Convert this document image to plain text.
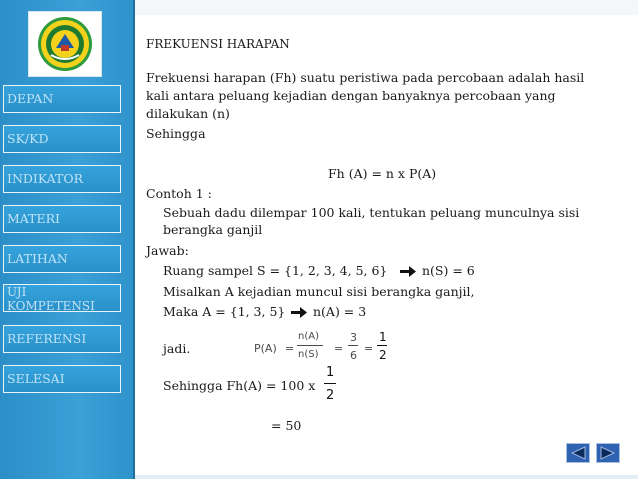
DEPAN
SK/KD
INDIKATOR
MATERI
LATIHAN
UJI
KOMPETENSI
REFERENSI
SELESAI
FREKUENSI HARAPAN
Frekuensi harapan (Fh) suatu peristiwa pada percobaan adalah hasil
kali antara peluang kejadian dengan banyaknya percobaan yang
dilakukan (n)
Sehingga
Fh (A) = n x P(A)
Contoh 1 :
Sebuah dadu dilempar 100 kali, tentukan peluang munculnya sisi
berangka ganjil
Jawab:
Ruang sampel S = {1, 2, 3, 4, 5, 6}	n(S) = 6
Misalkan A kejadian muncul sisi berangka ganjil,
Maka A = {1, 3, 5} n(A) = 3
jadi.	P(A) =
n(A)
n(S) =
3
6
=
1
2
Sehingga Fh(A) = 100 x
1
2
= 50
